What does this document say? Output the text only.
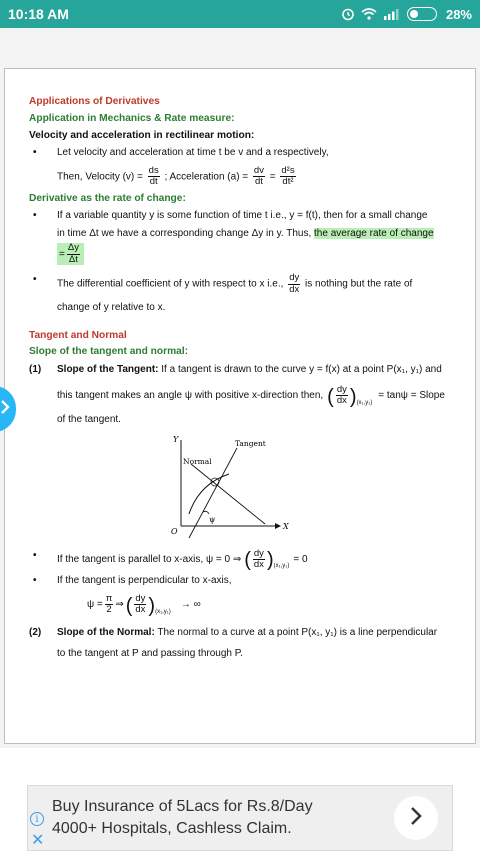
10:18 AM	28%
Applications of Derivatives
Application in Mechanics & Rate measure:
Velocity and acceleration in rectilinear motion:
•	Let velocity and acceleration at time t be v and a respectively,
Then, Velocity $(v) = \frac{ds}{dt}$ ; Acceleration $(a) = \frac{dv}{dt} = \frac{\text{d²s}}{\text{dt²}}$
Derivative as the rate of change:
•	If a variable quantity y is some function of time t i.e., y = f(t), then for a small change
in time Δt we have a corresponding change Δy in y. Thus, the average rate of change
= $\frac{\Delta y}{\Delta t}$
•	The differential coefficient of y with respect to x i.e., $\frac{dy}{dx}$ is nothing but the rate of
change of y relative to x.
Tangent and Normal
Slope of the tangent and normal:
(1)	Slope of the Tangent: If a tangent is drawn to the curve y = f(x) at a point P(x₁, y₁) and
this tangent makes an angle ψ with positive x-direction then, ( $\frac{dy}{dx}$ ) (x₁,y₁)
= tanψ = Slope
of the tangent.
Y
X
O
Tangent
Normal
ψ
•	If the tangent is parallel to x-axis, ψ = 0 ⇒ ( $\frac{dy}{dx}$ ) (x₁,y₁)
= 0
•	If the tangent is perpendicular to x-axis,
$\psi = \frac{\pi}{2}$ ⇒ ( $\frac{dy}{dx}$ ) (x₁,y₁)
→ ∞
(2)	Slope of the Normal: The normal to a curve at a point P(x₁, y₁) is a line perpendicular
to the tangent at P and passing through P.
i
✕
Buy Insurance of 5Lacs for Rs.8/Day
4000+ Hospitals, Cashless Claim.
